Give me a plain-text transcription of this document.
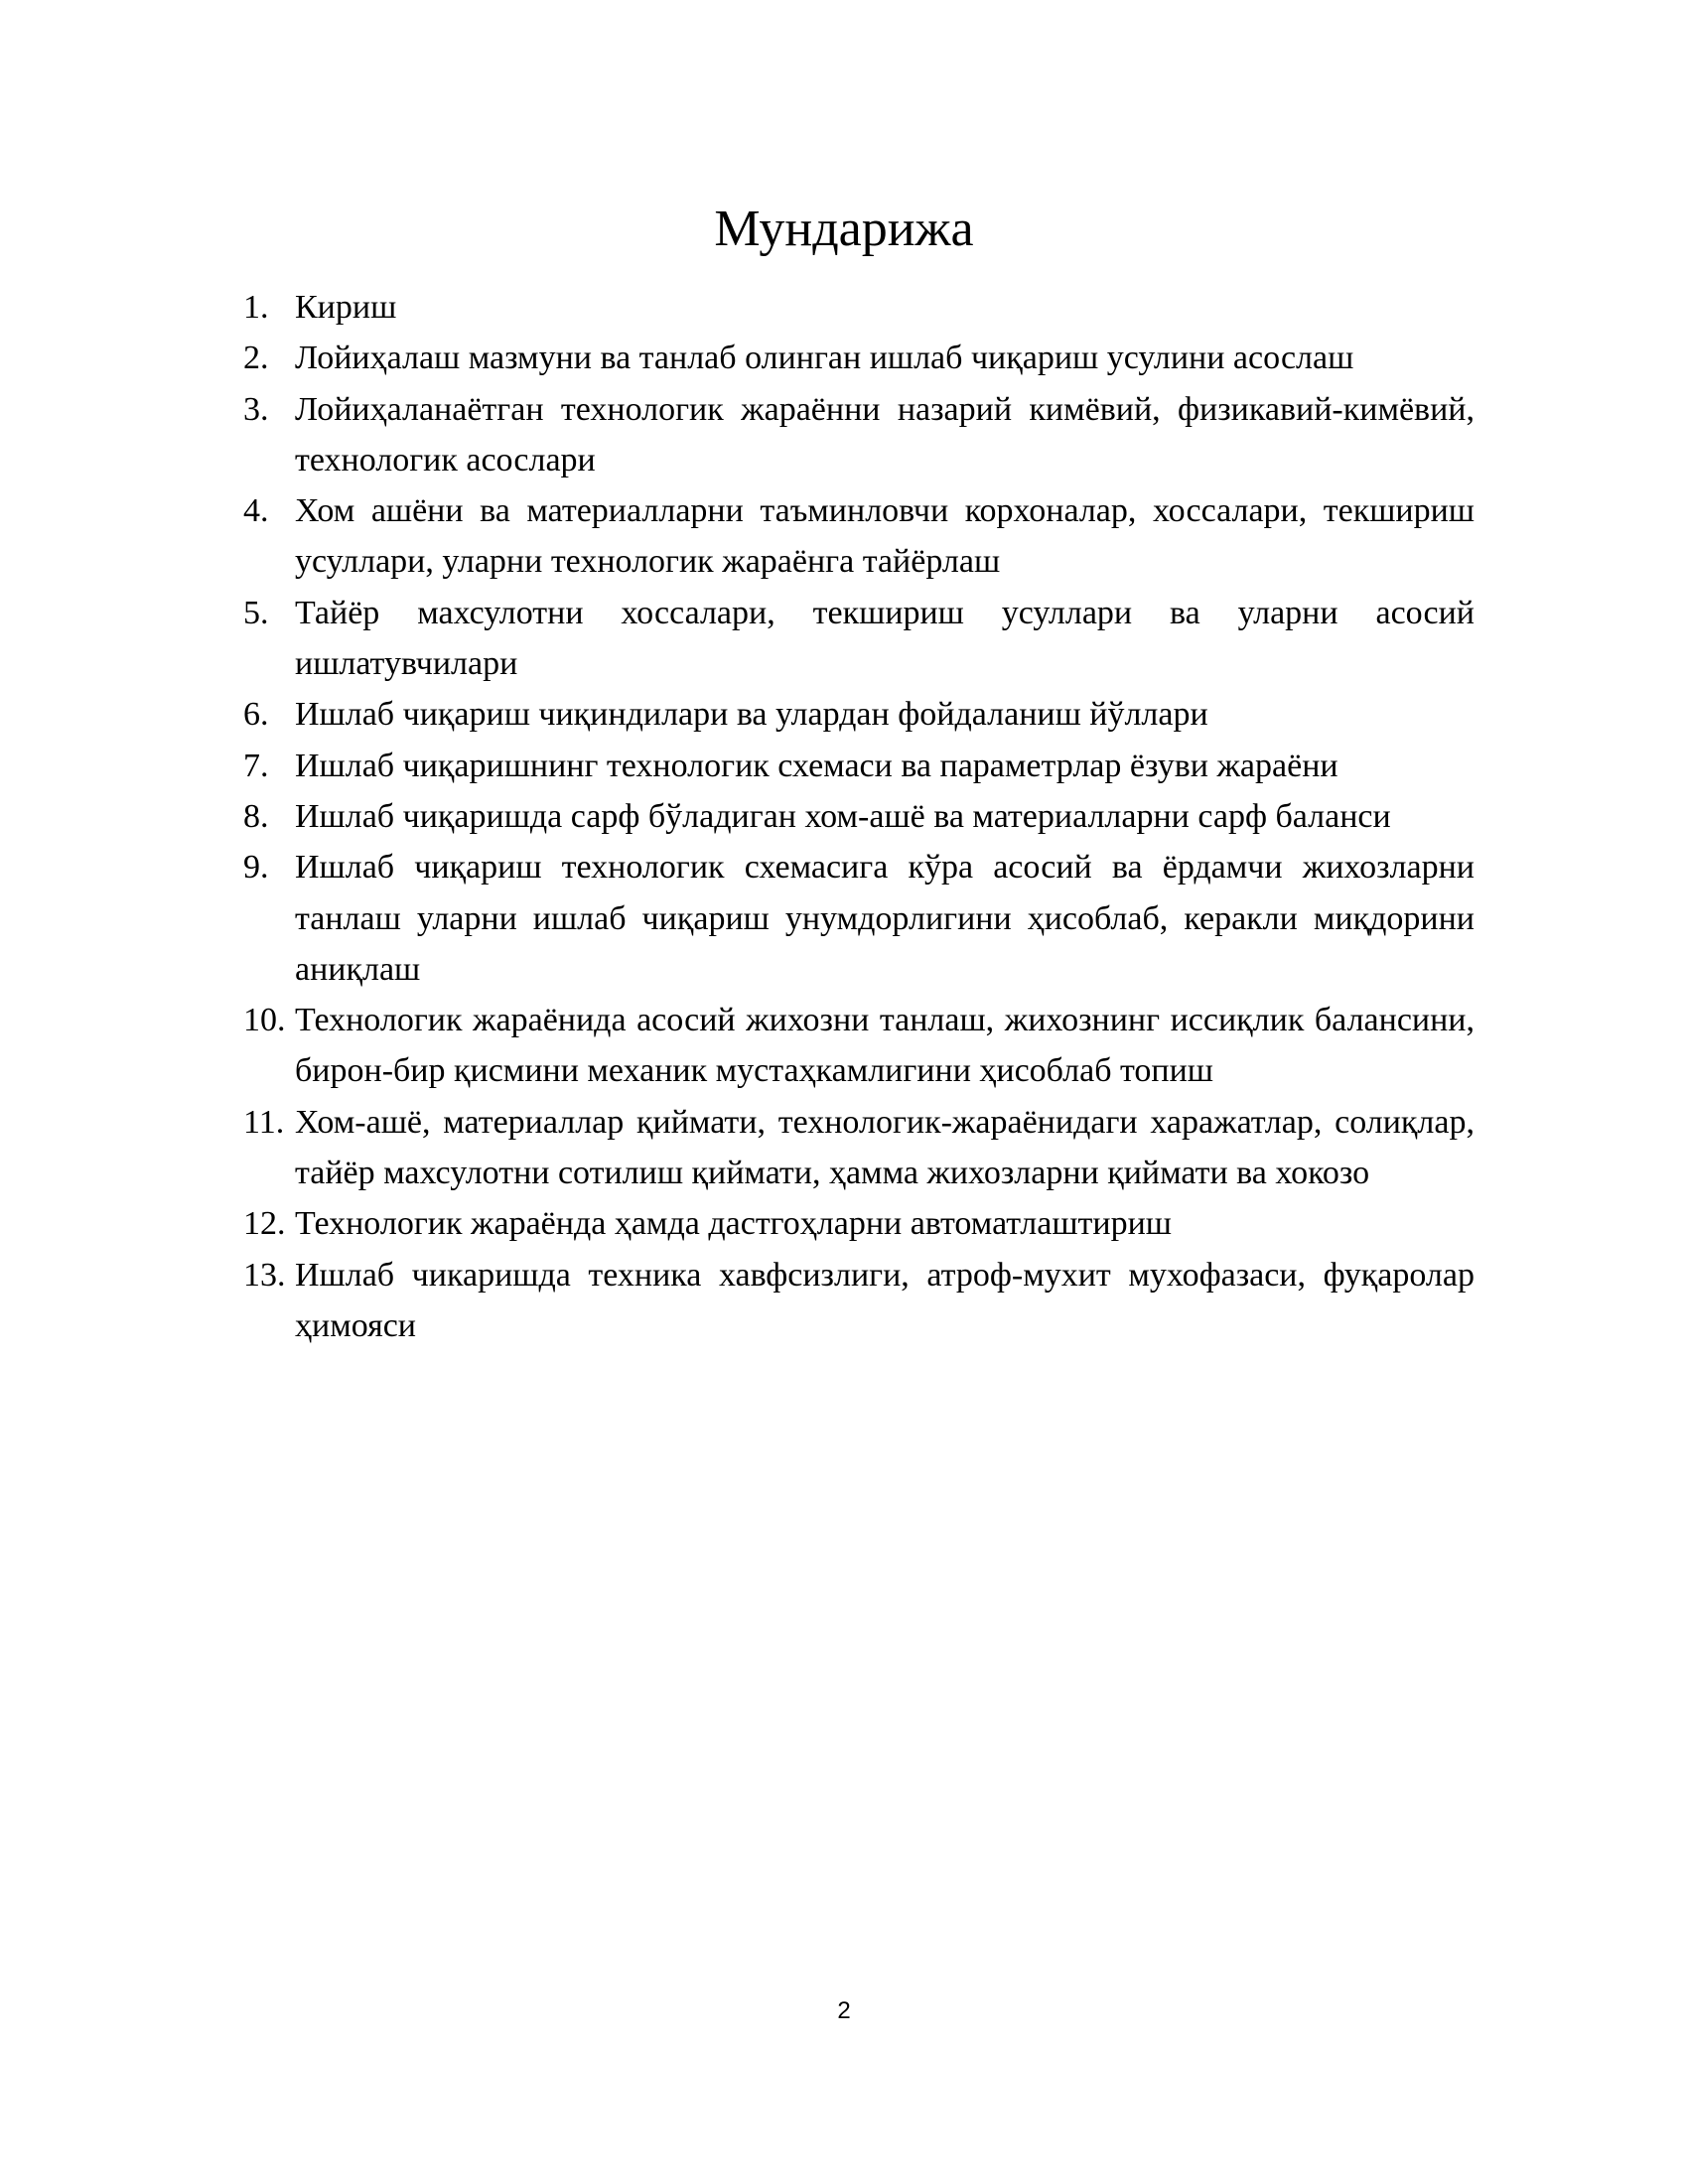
Мундарижа
1. Кириш
2. Лойиҳалаш мазмуни ва танлаб олинган ишлаб чиқариш усулини асослаш
3. Лойиҳаланаётган технологик жараённи назарий кимёвий, физикавий-кимёвий, технологик асослари
4. Хом ашёни ва материалларни таъминловчи корхоналар, хоссалари, текшириш усуллари, уларни технологик жараёнга тайёрлаш
5. Тайёр махсулотни хоссалари, текшириш усуллари ва уларни асосий ишлатувчилари
6. Ишлаб чиқариш чиқиндилари ва улардан фойдаланиш йўллари
7. Ишлаб чиқаришнинг технологик схемаси ва параметрлар ёзуви жараёни
8. Ишлаб чиқаришда сарф бўладиган хом-ашё ва материалларни сарф баланси
9. Ишлаб чиқариш технологик схемасига кўра асосий ва ёрдамчи жихозларни танлаш уларни ишлаб чиқариш унумдорлигини ҳисоблаб, керакли миқдорини аниқлаш
10. Технологик жараёнида асосий жихозни танлаш, жихознинг иссиқлик балансини, бирон-бир қисмини механик мустаҳкамлигини ҳисоблаб топиш
11. Хом-ашё, материаллар қиймати, технологик-жараёнидаги харажатлар, солиқлар, тайёр махсулотни сотилиш қиймати, ҳамма жихозларни қиймати ва хокозо
12. Технологик жараёнда ҳамда дастгоҳларни автоматлаштириш
13. Ишлаб чикаришда техника хавфсизлиги, атроф-мухит мухофазаси, фуқаролар ҳимояси
2
